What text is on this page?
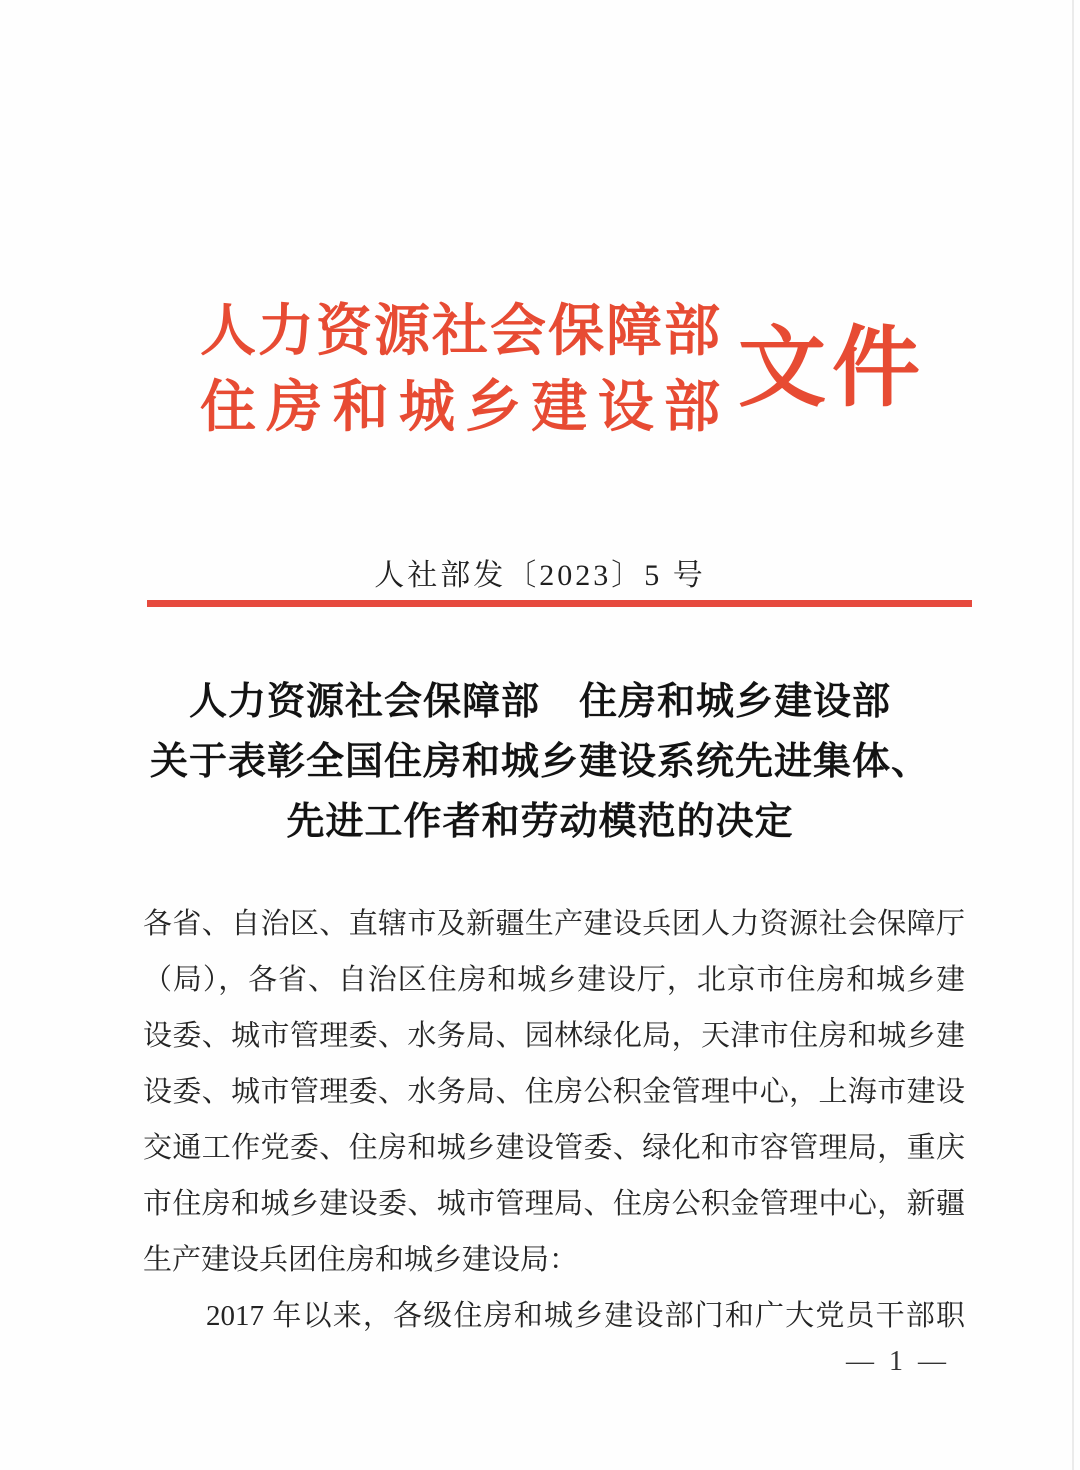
人力资源社会保障部
住房和城乡建设部 文件
人社部发〔2023〕5 号
人力资源社会保障部　住房和城乡建设部
关于表彰全国住房和城乡建设系统先进集体、
先进工作者和劳动模范的决定
各省、自治区、直辖市及新疆生产建设兵团人力资源社会保障厅
（局），各省、自治区住房和城乡建设厅，北京市住房和城乡建
设委、城市管理委、水务局、园林绿化局，天津市住房和城乡建
设委、城市管理委、水务局、住房公积金管理中心，上海市建设
交通工作党委、住房和城乡建设管委、绿化和市容管理局，重庆
市住房和城乡建设委、城市管理局、住房公积金管理中心，新疆
生产建设兵团住房和城乡建设局：
2017 年以来，各级住房和城乡建设部门和广大党员干部职
— 1 —
